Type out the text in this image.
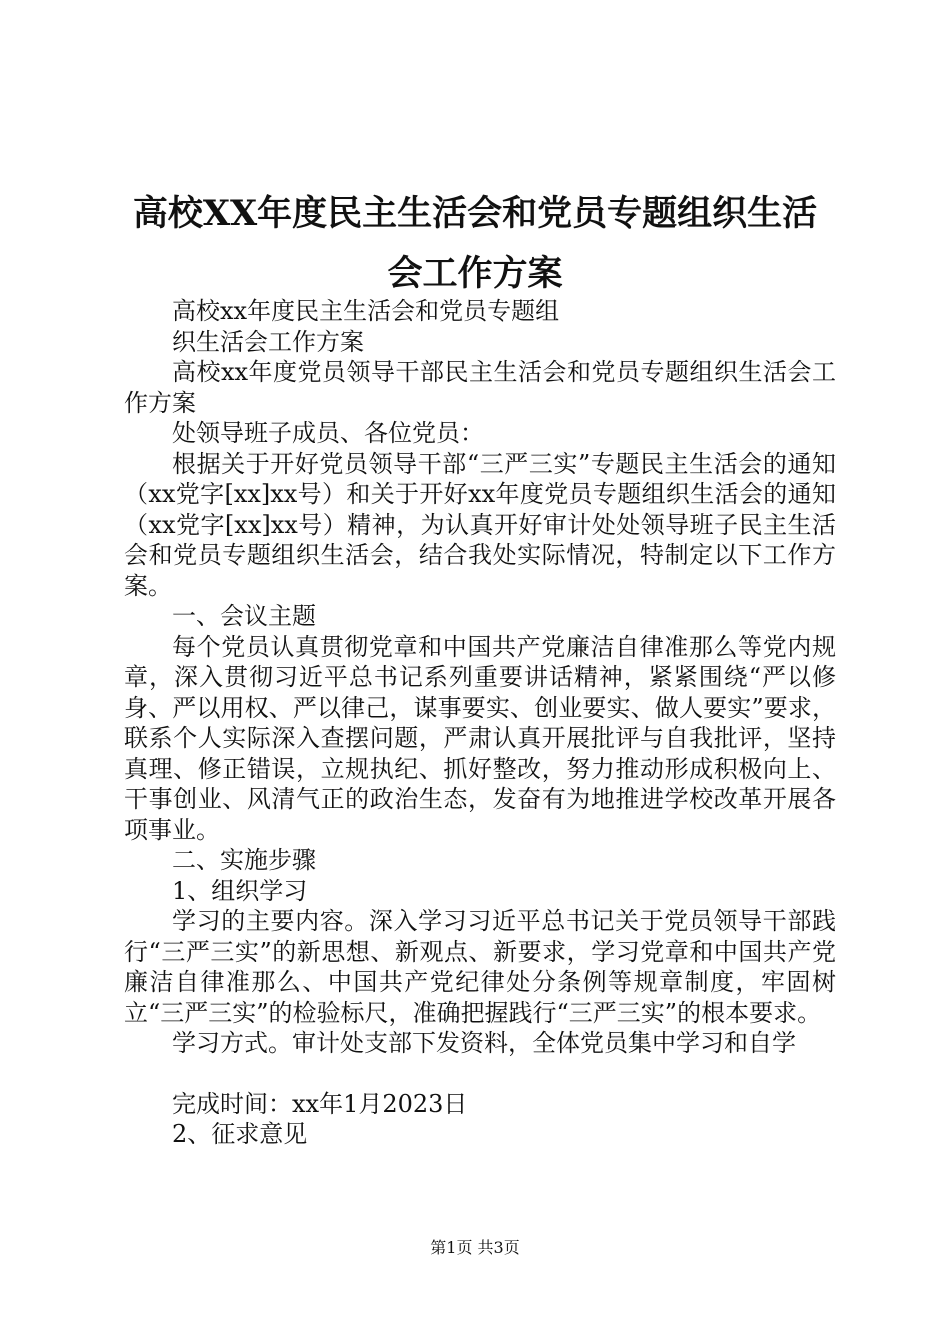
高校XX年度民主生活会和党员专题组织生活会工作方案

高校xx年度民主生活会和党员专题组

织生活会工作方案

高校xx年度党员领导干部民主生活会和党员专题组织生活会工作方案

处领导班子成员、各位党员：

根据关于开好党员领导干部“三严三实”专题民主生活会的通知（xx党字[xx]xx号）和关于开好xx年度党员专题组织生活会的通知（xx党字[xx]xx号）精神，为认真开好审计处处领导班子民主生活会和党员专题组织生活会，结合我处实际情况，特制定以下工作方案。

一、会议主题

每个党员认真贯彻党章和中国共产党廉洁自律准那么等党内规章，深入贯彻习近平总书记系列重要讲话精神，紧紧围绕“严以修身、严以用权、严以律己，谋事要实、创业要实、做人要实”要求，联系个人实际深入查摆问题，严肃认真开展批评与自我批评，坚持真理、修正错误，立规执纪、抓好整改，努力推动形成积极向上、干事创业、风清气正的政治生态，发奋有为地推进学校改革开展各项事业。

二、实施步骤

1、组织学习

学习的主要内容。深入学习习近平总书记关于党员领导干部践行“三严三实”的新思想、新观点、新要求，学习党章和中国共产党廉洁自律准那么、中国共产党纪律处分条例等规章制度，牢固树立“三严三实”的检验标尺，准确把握践行“三严三实”的根本要求。

学习方式。审计处支部下发资料，全体党员集中学习和自学

完成时间：xx年1月2023日

2、征求意见

第1页 共3页
